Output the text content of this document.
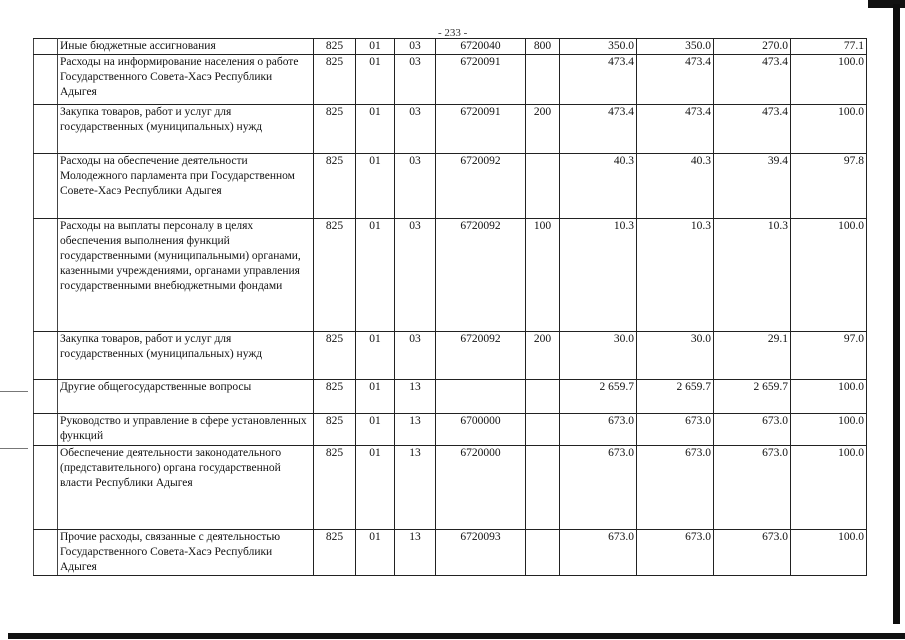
- 233 -
	Иные бюджетные ассигнования	825	01	03	6720040	800	350.0	350.0	270.0	77.1
	Расходы на информирование населения о работе Государственного Совета-Хасэ Республики Адыгея	825	01	03	6720091		473.4	473.4	473.4	100.0
	Закупка товаров, работ и услуг для государственных (муниципальных) нужд	825	01	03	6720091	200	473.4	473.4	473.4	100.0
	Расходы на обеспечение деятельности Молодежного парламента при Государственном Совете-Хасэ Республики Адыгея	825	01	03	6720092		40.3	40.3	39.4	97.8
	Расходы на выплаты персоналу в целях обеспечения выполнения функций государственными (муниципальными) органами, казенными учреждениями, органами управления государственными внебюджетными фондами	825	01	03	6720092	100	10.3	10.3	10.3	100.0
	Закупка товаров, работ и услуг для государственных (муниципальных) нужд	825	01	03	6720092	200	30.0	30.0	29.1	97.0
	Другие общегосударственные вопросы	825	01	13			2 659.7	2 659.7	2 659.7	100.0
	Руководство и управление в сфере установленных функций	825	01	13	6700000		673.0	673.0	673.0	100.0
	Обеспечение деятельности законодательного (представительного) органа государственной власти Республики Адыгея	825	01	13	6720000		673.0	673.0	673.0	100.0
	Прочие расходы, связанные с деятельностью Государственного Совета-Хасэ Республики Адыгея	825	01	13	6720093		673.0	673.0	673.0	100.0
